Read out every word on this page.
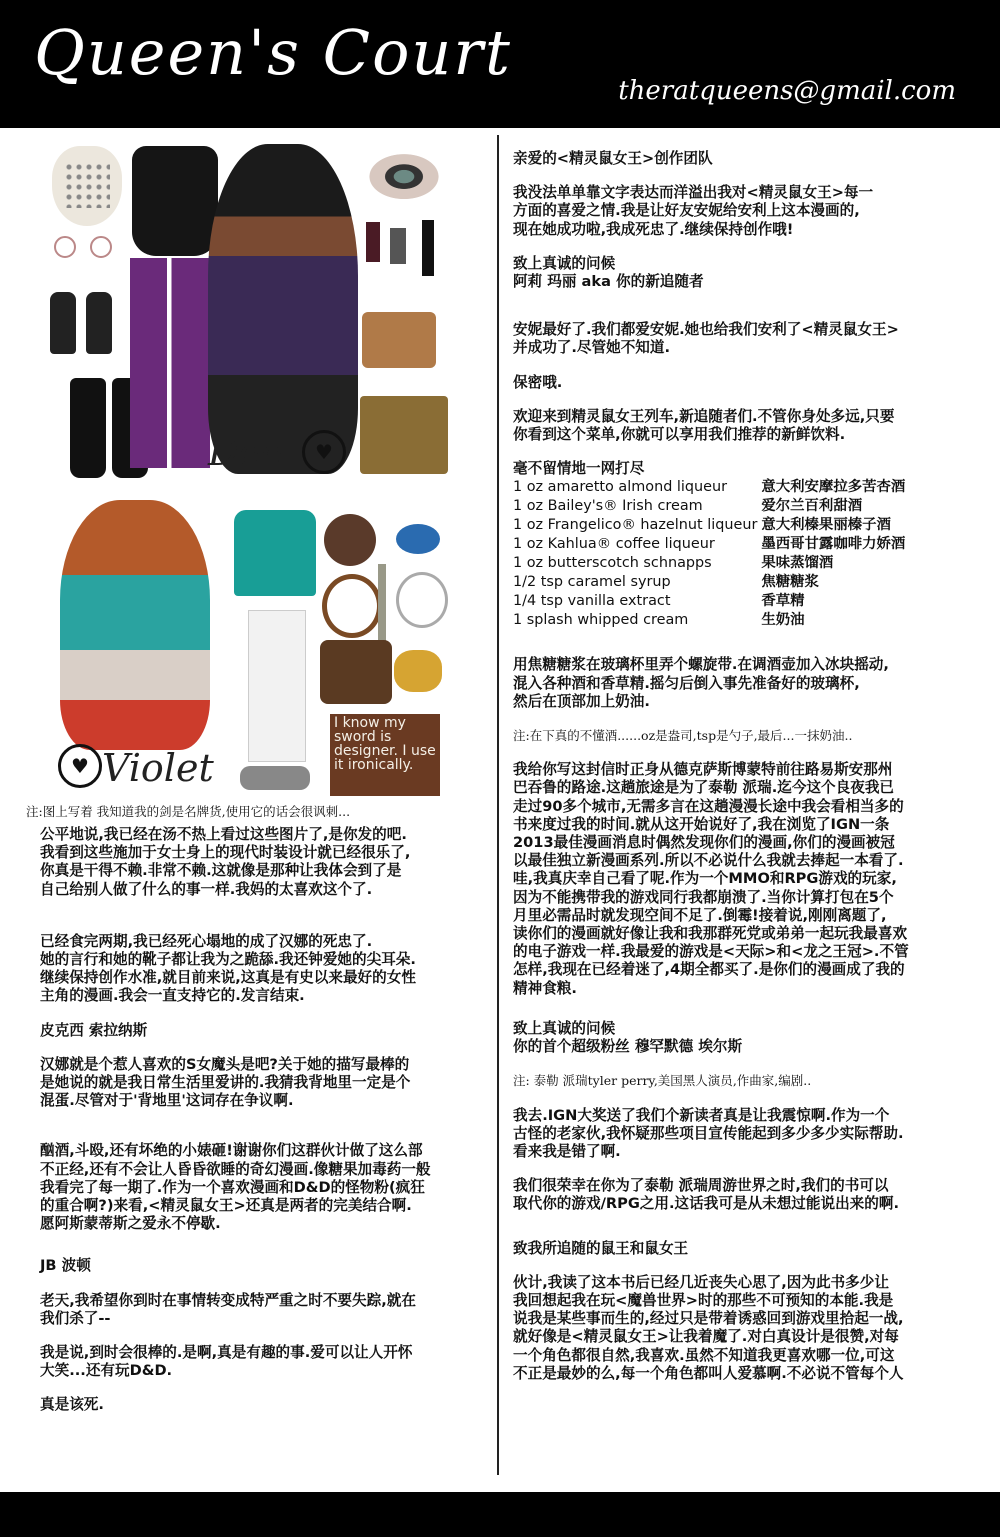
Queen's Court
theratqueens@gmail.com
Dee	♥
I know my sword is designer. I use it ironically.
♥ Violet
注:图上写着 我知道我的剑是名牌货,使用它的话会很讽刺...

公平地说,我已经在汤不热上看过这些图片了,是你发的吧.
我看到这些施加于女士身上的现代时装设计就已经很乐了,
你真是干得不赖.非常不赖.这就像是那种让我体会到了是
自己给别人做了什么的事一样.我妈的太喜欢这个了.

已经食完两期,我已经死心塌地的成了汉娜的死忠了.
她的言行和她的靴子都让我为之跪舔.我还钟爱她的尖耳朵.
继续保持创作水准,就目前来说,这真是有史以来最好的女性
主角的漫画.我会一直支持它的.发言结束.

皮克西 索拉纳斯

汉娜就是个惹人喜欢的S女魔头是吧?关于她的描写最棒的
是她说的就是我日常生活里爱讲的.我猜我背地里一定是个
混蛋.尽管对于'背地里'这词存在争议啊.

酗酒,斗殴,还有坏绝的小婊砸!谢谢你们这群伙计做了这么部
不正经,还有不会让人昏昏欲睡的奇幻漫画.像糖果加毒药一般
我看完了每一期了.作为一个喜欢漫画和D&D的怪物粉(疯狂
的重合啊?)来看,<精灵鼠女王>还真是两者的完美结合啊.
愿阿斯蒙蒂斯之爱永不停歇.

JB 波顿

老天,我希望你到时在事情转变成特严重之时不要失踪,就在
我们杀了--

我是说,到时会很棒的.是啊,真是有趣的事.爱可以让人开怀
大笑...还有玩D&D.

真是该死.

亲爱的<精灵鼠女王>创作团队

我没法单单靠文字表达而洋溢出我对<精灵鼠女王>每一
方面的喜爱之情.我是让好友安妮给安利上这本漫画的,
现在她成功啦,我成死忠了.继续保持创作哦!

致上真诚的问候
阿莉 玛丽 aka 你的新追随者

安妮最好了.我们都爱安妮.她也给我们安利了<精灵鼠女王>
并成功了.尽管她不知道.

保密哦.

欢迎来到精灵鼠女王列车,新追随者们.不管你身处多远,只要
你看到这个菜单,你就可以享用我们推荐的新鲜饮料.

毫不留情地一网打尽

1 oz amaretto almond liqueur	意大利安摩拉多苦杏酒
1 oz Bailey's® Irish cream	爱尔兰百利甜酒
1 oz Frangelico® hazelnut liqueur	意大利榛果丽榛子酒
1 oz Kahlua® coffee liqueur	墨西哥甘露咖啡力娇酒
1 oz butterscotch schnapps	果味蒸馏酒
1/2 tsp caramel syrup	焦糖糖浆
1/4 tsp vanilla extract	香草精
1 splash whipped cream	生奶油

用焦糖糖浆在玻璃杯里弄个螺旋带.在调酒壶加入冰块摇动,
混入各种酒和香草精.摇匀后倒入事先准备好的玻璃杯,
然后在顶部加上奶油.

注:在下真的不懂酒......oz是盎司,tsp是勺子,最后...一抹奶油..

我给你写这封信时正身从德克萨斯博蒙特前往路易斯安那州
巴吞鲁的路途.这趟旅途是为了泰勒 派瑞.迄今这个良夜我已
走过90多个城市,无需多言在这趟漫漫长途中我会看相当多的
书来度过我的时间.就从这开始说好了,我在浏览了IGN一条
2013最佳漫画消息时偶然发现你们的漫画,你们的漫画被冠
以最佳独立新漫画系列.所以不必说什么我就去捧起一本看了.
哇,我真庆幸自己看了呢.作为一个MMO和RPG游戏的玩家,
因为不能携带我的游戏同行我都崩溃了.当你计算打包在5个
月里必需品时就发现空间不足了.倒霉!接着说,刚刚离题了,
读你们的漫画就好像让我和我那群死党或弟弟一起玩我最喜欢
的电子游戏一样.我最爱的游戏是<天际>和<龙之王冠>.不管
怎样,我现在已经着迷了,4期全都买了.是你们的漫画成了我的
精神食粮.

致上真诚的问候
你的首个超级粉丝 穆罕默德 埃尔斯

注: 泰勒 派瑞tyler perry,美国黑人演员,作曲家,编剧..

我去.IGN大奖送了我们个新读者真是让我震惊啊.作为一个
古怪的老家伙,我怀疑那些项目宣传能起到多少多少实际帮助.
看来我是错了啊.

我们很荣幸在你为了泰勒 派瑞周游世界之时,我们的书可以
取代你的游戏/RPG之用.这话我可是从未想过能说出来的啊.

致我所追随的鼠王和鼠女王

伙计,我读了这本书后已经几近丧失心思了,因为此书多少让
我回想起我在玩<魔兽世界>时的那些不可预知的本能.我是
说我是某些事而生的,经过只是带着诱惑回到游戏里拾起一战,
就好像是<精灵鼠女王>让我着魔了.对白真设计是很赞,对每
一个角色都很自然,我喜欢.虽然不知道我更喜欢哪一位,可这
不正是最妙的么,每一个角色都叫人爱慕啊.不必说不管每个人
